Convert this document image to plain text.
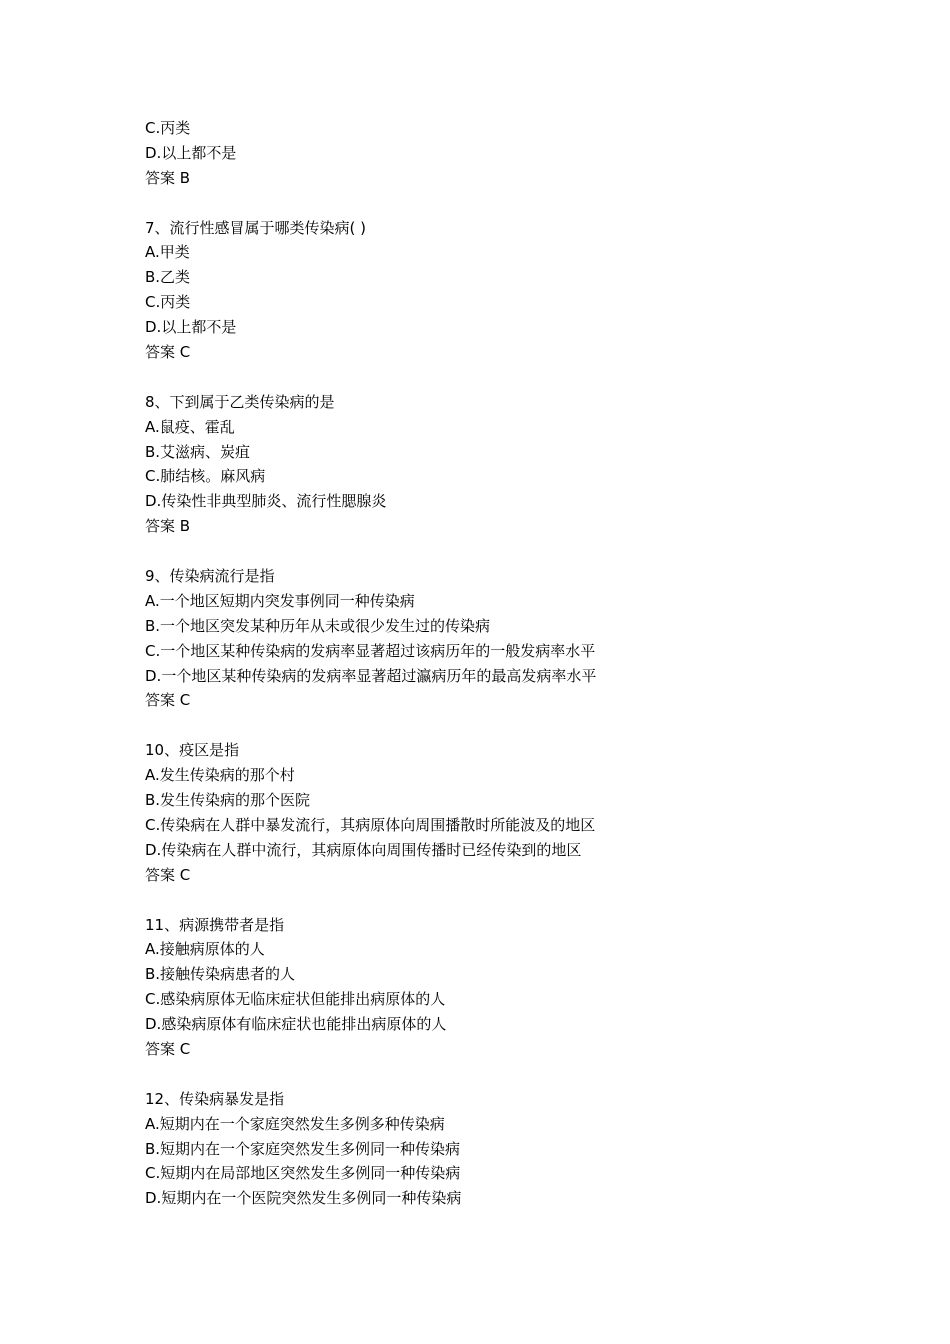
C.丙类
D.以上都不是
答案 B
7、流行性感冒属于哪类传染病( )
A.甲类
B.乙类
C.丙类
D.以上都不是
答案 C
8、下到属于乙类传染病的是
A.鼠疫、霍乱
B.艾滋病、炭疽
C.肺结核。麻风病
D.传染性非典型肺炎、流行性腮腺炎
答案 B
9、传染病流行是指
A.一个地区短期内突发事例同一种传染病
B.一个地区突发某种历年从未或很少发生过的传染病
C.一个地区某种传染病的发病率显著超过该病历年的一般发病率水平
D.一个地区某种传染病的发病率显著超过瀛病历年的最高发病率水平
答案 C
10、疫区是指
A.发生传染病的那个村
B.发生传染病的那个医院
C.传染病在人群中暴发流行，其病原体向周围播散时所能波及的地区
D.传染病在人群中流行，其病原体向周围传播时已经传染到的地区
答案 C
11、病源携带者是指
A.接触病原体的人
B.接触传染病患者的人
C.感染病原体无临床症状但能排出病原体的人
D.感染病原体有临床症状也能排出病原体的人
答案 C
12、传染病暴发是指
A.短期内在一个家庭突然发生多例多种传染病
B.短期内在一个家庭突然发生多例同一种传染病
C.短期内在局部地区突然发生多例同一种传染病
D.短期内在一个医院突然发生多例同一种传染病
